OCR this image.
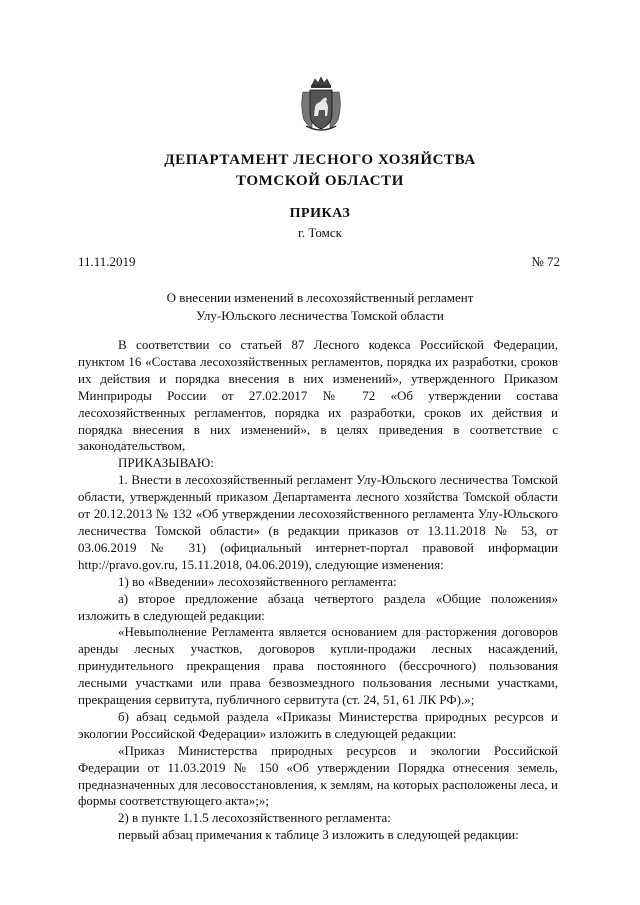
ДЕПАРТАМЕНТ ЛЕСНОГО ХОЗЯЙСТВА
ТОМСКОЙ ОБЛАСТИ
ПРИКАЗ
г. Томск
11.11.2019	№ 72
О внесении изменений в лесохозяйственный регламент
Улу-Юльского лесничества Томской области

В соответствии со статьей 87 Лесного кодекса Российской Федерации, пунктом 16 «Состава лесохозяйственных регламентов, порядка их разработки, сроков их действия и порядка внесения в них изменений», утвержденного Приказом Минприроды России от 27.02.2017 № 72 «Об утверждении состава лесохозяйственных регламентов, порядка их разработки, сроков их действия и порядка внесения в них изменений», в целях приведения в соответствие с законодательством,

ПРИКАЗЫВАЮ:

1. Внести в лесохозяйственный регламент Улу-Юльского лесничества Томской области, утвержденный приказом Департамента лесного хозяйства Томской области от 20.12.2013 № 132 «Об утверждении лесохозяйственного регламента Улу-Юльского лесничества Томской области» (в редакции приказов от 13.11.2018 № 53, от 03.06.2019 № 31) (официальный интернет-портал правовой информации http://pravo.gov.ru, 15.11.2018, 04.06.2019), следующие изменения:

1) во «Введении» лесохозяйственного регламента:

а) второе предложение абзаца четвертого раздела «Общие положения» изложить в следующей редакции:

«Невыполнение Регламента является основанием для расторжения договоров аренды лесных участков, договоров купли-продажи лесных насаждений, принудительного прекращения права постоянного (бессрочного) пользования лесными участками или права безвозмездного пользования лесными участками, прекращения сервитута, публичного сервитута (ст. 24, 51, 61 ЛК РФ).»;

б) абзац седьмой раздела «Приказы Министерства природных ресурсов и экологии Российской Федерации» изложить в следующей редакции:

«Приказ Министерства природных ресурсов и экологии Российской Федерации от 11.03.2019 № 150 «Об утверждении Порядка отнесения земель, предназначенных для лесовосстановления, к землям, на которых расположены леса, и формы соответствующего акта»;»;

2) в пункте 1.1.5 лесохозяйственного регламента:

первый абзац примечания к таблице 3 изложить в следующей редакции:
